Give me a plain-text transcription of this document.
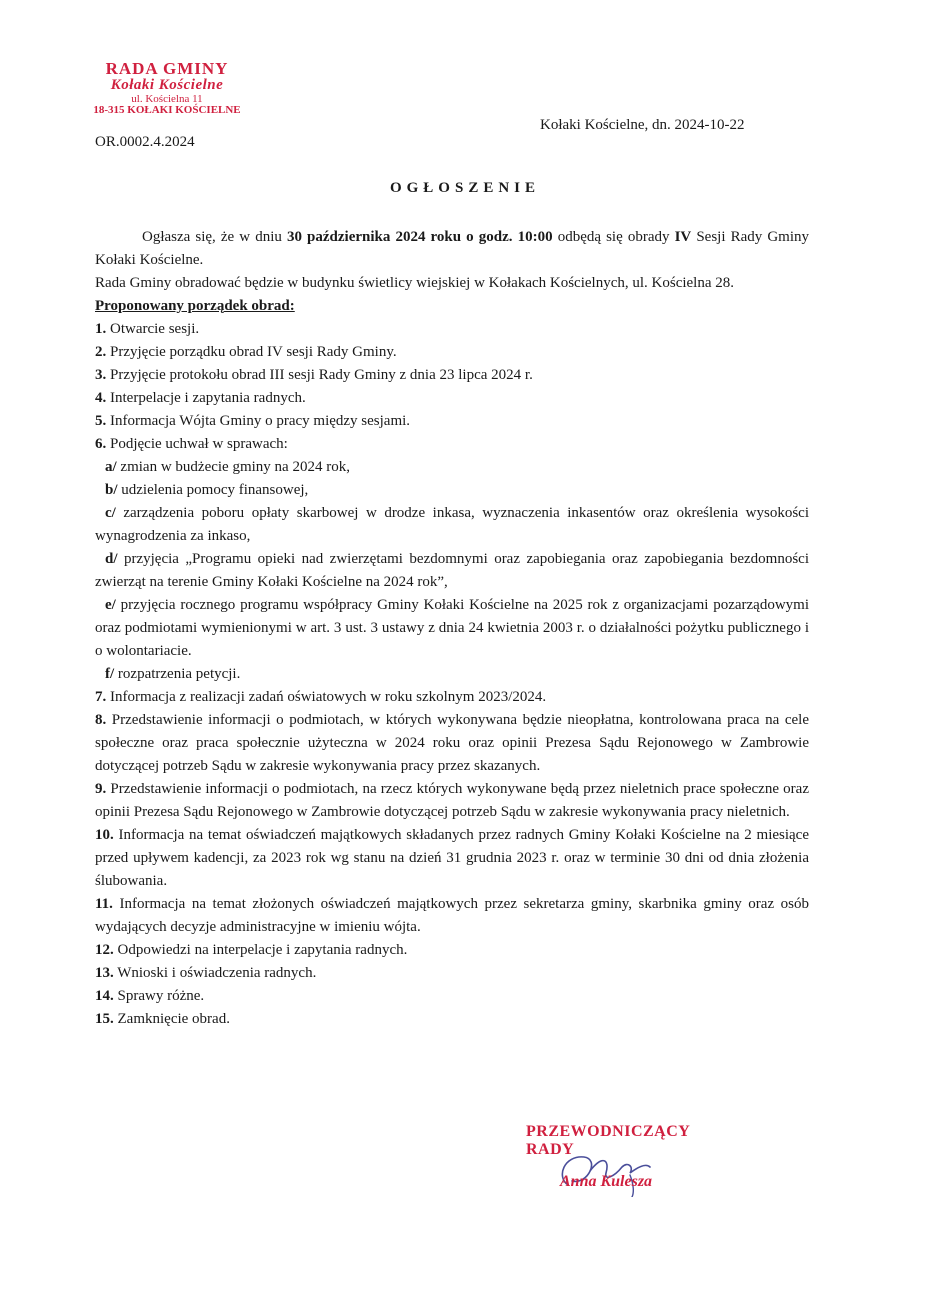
RADA GMINY
Kołaki Kościelne
ul. Kościelna 11
18-315 KOŁAKI KOŚCIELNE
OR.0002.4.2024
Kołaki Kościelne, dn. 2024-10-22
OGŁOSZENIE

Ogłasza się, że w dniu 30 października 2024 roku o godz. 10:00 odbędą się obrady IV Sesji Rady Gminy Kołaki Kościelne.

Rada Gminy obradować będzie w budynku świetlicy wiejskiej w Kołakach Kościelnych, ul. Kościelna 28.

Proponowany porządek obrad:

1. Otwarcie sesji.

2. Przyjęcie porządku obrad IV sesji Rady Gminy.

3. Przyjęcie protokołu obrad III sesji Rady Gminy z dnia 23 lipca 2024 r.

4. Interpelacje i zapytania radnych.

5. Informacja Wójta Gminy o pracy między sesjami.

6. Podjęcie uchwał w sprawach:

a/ zmian w budżecie gminy na 2024 rok,

b/ udzielenia pomocy finansowej,

c/ zarządzenia poboru opłaty skarbowej w drodze inkasa, wyznaczenia inkasentów oraz określenia wysokości wynagrodzenia za inkaso,

d/ przyjęcia „Programu opieki nad zwierzętami bezdomnymi oraz zapobiegania oraz zapobiegania bezdomności zwierząt na terenie Gminy Kołaki Kościelne na 2024 rok”,

e/ przyjęcia rocznego programu współpracy Gminy Kołaki Kościelne na 2025 rok z organizacjami pozarządowymi oraz podmiotami wymienionymi w art. 3 ust. 3 ustawy z dnia 24 kwietnia 2003 r. o działalności pożytku publicznego i o wolontariacie.

f/ rozpatrzenia petycji.

7. Informacja z realizacji zadań oświatowych w roku szkolnym 2023/2024.

8. Przedstawienie informacji o podmiotach, w których wykonywana będzie nieopłatna, kontrolowana praca na cele społeczne oraz praca społecznie użyteczna w 2024 roku oraz opinii Prezesa Sądu Rejonowego w Zambrowie dotyczącej potrzeb Sądu w zakresie wykonywania pracy przez skazanych.

9. Przedstawienie informacji o podmiotach, na rzecz których wykonywane będą przez nieletnich prace społeczne oraz opinii Prezesa Sądu Rejonowego w Zambrowie dotyczącej potrzeb Sądu w zakresie wykonywania pracy nieletnich.

10. Informacja na temat oświadczeń majątkowych składanych przez radnych Gminy Kołaki Kościelne na 2 miesiące przed upływem kadencji, za 2023 rok wg stanu na dzień 31 grudnia 2023 r. oraz w terminie 30 dni od dnia złożenia ślubowania.

11. Informacja na temat złożonych oświadczeń majątkowych przez sekretarza gminy, skarbnika gminy oraz osób wydających decyzje administracyjne w imieniu wójta.

12. Odpowiedzi na interpelacje i zapytania radnych.

13. Wnioski i oświadczenia radnych.

14. Sprawy różne.

15. Zamknięcie obrad.

PRZEWODNICZĄCY RADY
Anna Kulesza
